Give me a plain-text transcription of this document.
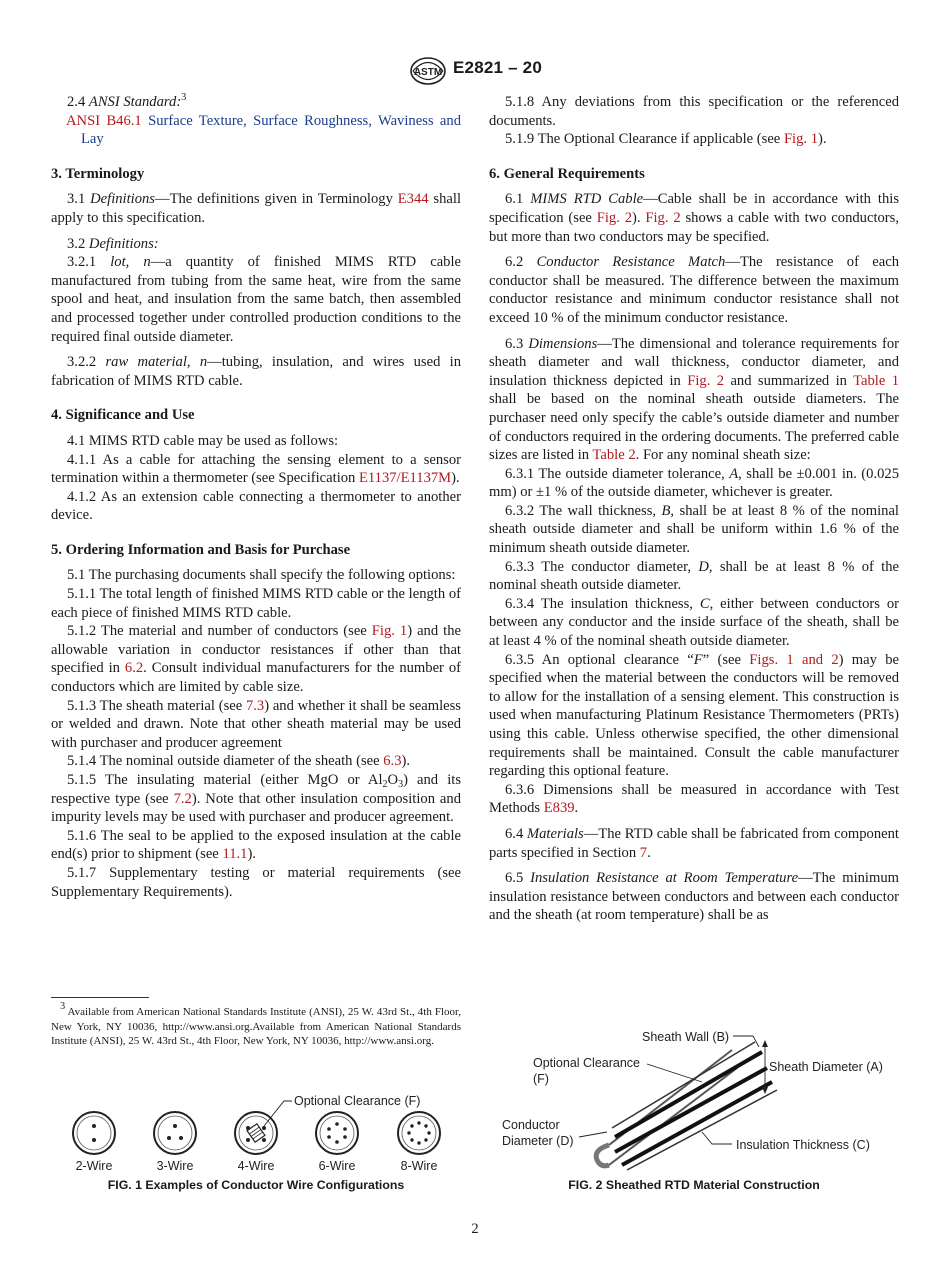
ASTM E2821 – 20

2.4 ANSI Standard:$^3$

ANSI B46.1 Surface Texture, Surface Roughness, Waviness and Lay

3. Terminology

3.1 Definitions—The definitions given in Terminology E344 shall apply to this specification.

3.2 Definitions:

3.2.1 lot, n—a quantity of finished MIMS RTD cable manufactured from tubing from the same heat, wire from the same spool and heat, and insulation from the same batch, then assembled and processed together under controlled production conditions to the required final outside diameter.

3.2.2 raw material, n—tubing, insulation, and wires used in fabrication of MIMS RTD cable.

4. Significance and Use

4.1 MIMS RTD cable may be used as follows:

4.1.1 As a cable for attaching the sensing element to a sensor termination within a thermometer (see Specification E1137/E1137M).

4.1.2 As an extension cable connecting a thermometer to another device.

5. Ordering Information and Basis for Purchase

5.1 The purchasing documents shall specify the following options:

5.1.1 The total length of finished MIMS RTD cable or the length of each piece of finished MIMS RTD cable.

5.1.2 The material and number of conductors (see Fig. 1) and the allowable variation in conductor resistances if other than that specified in 6.2. Consult individual manufacturers for the number of conductors which are limited by cable size.

5.1.3 The sheath material (see 7.3) and whether it shall be seamless or welded and drawn. Note that other sheath material may be used with purchaser and producer agreement

5.1.4 The nominal outside diameter of the sheath (see 6.3).

5.1.5 The insulating material (either MgO or $Al_2O_3$) and its respective type (see 7.2). Note that other insulation composition and impurity levels may be used with purchaser and producer agreement.

5.1.6 The seal to be applied to the exposed insulation at the cable end(s) prior to shipment (see 11.1).

5.1.7 Supplementary testing or material requirements (see Supplementary Requirements).

$^3$ Available from American National Standards Institute (ANSI), 25 W. 43rd St., 4th Floor, New York, NY 10036, http://www.ansi.org.Available from American National Standards Institute (ANSI), 25 W. 43rd St., 4th Floor, New York, NY 10036, http://www.ansi.org.

5.1.8 Any deviations from this specification or the referenced documents.

5.1.9 The Optional Clearance if applicable (see Fig. 1).

6. General Requirements

6.1 MIMS RTD Cable—Cable shall be in accordance with this specification (see Fig. 2). Fig. 2 shows a cable with two conductors, but more than two conductors may be specified.

6.2 Conductor Resistance Match—The resistance of each conductor shall be measured. The difference between the maximum conductor resistance and minimum conductor resistance shall not exceed 10 % of the minimum conductor resistance.

6.3 Dimensions—The dimensional and tolerance requirements for sheath diameter and wall thickness, conductor diameter, and insulation thickness depicted in Fig. 2 and summarized in Table 1 shall be based on the nominal sheath outside diameters. The purchaser need only specify the cable’s outside diameter and number of conductors required in the ordering documents. The preferred cable sizes are listed in Table 2. For any nominal sheath size:

6.3.1 The outside diameter tolerance, A, shall be ±0.001 in. (0.025 mm) or ±1 % of the outside diameter, whichever is greater.

6.3.2 The wall thickness, B, shall be at least 8 % of the nominal sheath outside diameter and shall be uniform within 1.6 % of the minimum sheath outside diameter.

6.3.3 The conductor diameter, D, shall be at least 8 % of the nominal sheath outside diameter.

6.3.4 The insulation thickness, C, either between conductors or between any conductor and the inside surface of the sheath, shall be at least 4 % of the nominal sheath outside diameter.

6.3.5 An optional clearance “F” (see Figs. 1 and 2) may be specified when the material between the conductors will be removed to allow for the installation of a sensing element. This construction is used when manufacturing Platinum Resistance Thermometers (PRTs) using this cable. Unless otherwise specified, the other dimensional requirements shall be maintained. Consult the cable manufacturer regarding this optional feature.

6.3.6 Dimensions shall be measured in accordance with Test Methods E839.

6.4 Materials—The RTD cable shall be fabricated from component parts specified in Section 7.

6.5 Insulation Resistance at Room Temperature—The minimum insulation resistance between conductors and between each conductor and the sheath (at room temperature) shall be as

2-Wire	3-Wire
Optional Clearance (F)
4-Wire	6-Wire	8-Wire
FIG. 1 Examples of Conductor Wire Configurations
Sheath Wall (B)
Optional Clearance
(F)
Sheath Diameter (A)
Conductor
Diameter (D)	Insulation Thickness (C)
FIG. 2 Sheathed RTD Material Construction
2
